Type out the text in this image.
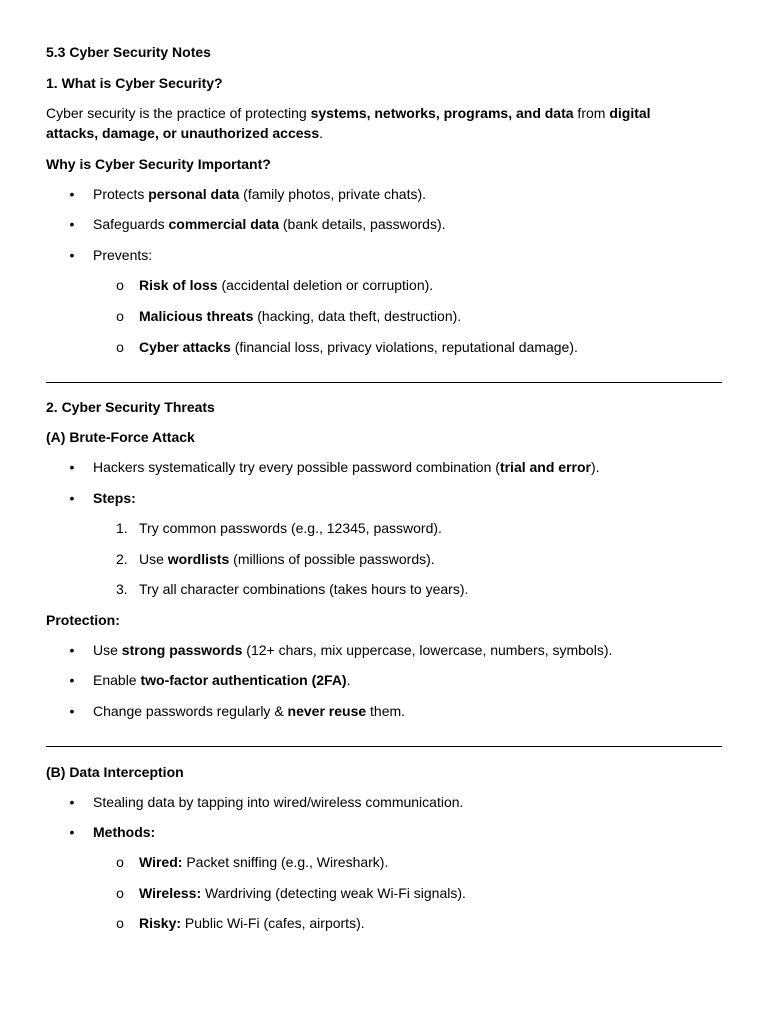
5.3 Cyber Security Notes
1. What is Cyber Security?
Cyber security is the practice of protecting systems, networks, programs, and data from digital attacks, damage, or unauthorized access.
Why is Cyber Security Important?
• Protects personal data (family photos, private chats).
• Safeguards commercial data (bank details, passwords).
• Prevents:
o Risk of loss (accidental deletion or corruption).
o Malicious threats (hacking, data theft, destruction).
o Cyber attacks (financial loss, privacy violations, reputational damage).
2. Cyber Security Threats
(A) Brute-Force Attack
• Hackers systematically try every possible password combination (trial and error).
• Steps:
1. Try common passwords (e.g., 12345, password).
2. Use wordlists (millions of possible passwords).
3. Try all character combinations (takes hours to years).
Protection:
• Use strong passwords (12+ chars, mix uppercase, lowercase, numbers, symbols).
• Enable two-factor authentication (2FA).
• Change passwords regularly & never reuse them.
(B) Data Interception
• Stealing data by tapping into wired/wireless communication.
• Methods:
o Wired: Packet sniffing (e.g., Wireshark).
o Wireless: Wardriving (detecting weak Wi-Fi signals).
o Risky: Public Wi-Fi (cafes, airports).
